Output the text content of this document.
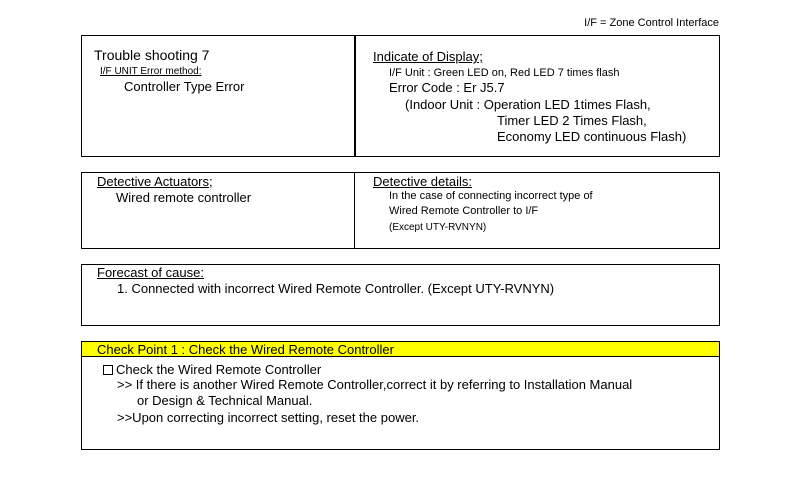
I/F = Zone Control Interface
Trouble shooting 7
I/F UNIT Error method:
Controller Type Error
Indicate of Display;
I/F Unit : Green LED on, Red LED 7 times flash
Error Code : Er J5.7
(Indoor Unit : Operation LED 1times Flash,
Timer LED 2 Times Flash,
Economy LED continuous Flash)
Detective Actuators;
Wired remote controller
Detective details:
In the case of connecting incorrect type of
Wired Remote Controller to I/F
(Except UTY-RVNYN)
Forecast of cause:
1. Connected with incorrect Wired Remote Controller. (Except UTY-RVNYN)
Check Point 1 : Check the Wired Remote Controller
Check the Wired Remote Controller
>> If there is another Wired Remote Controller,correct it by referring to Installation Manual
or Design & Technical Manual.
>>Upon correcting incorrect setting, reset the power.
